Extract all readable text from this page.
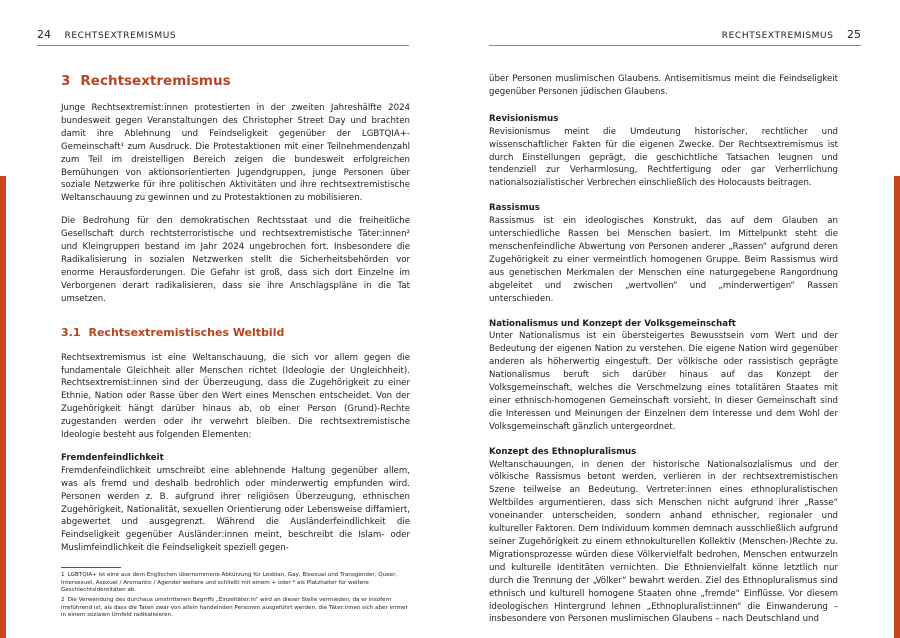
24 RECHTSEXTREMISMUS	RECHTSEXTREMISMUS 25
3 Rechtsextremismus

Junge Rechtsextremist:innen protestierten in der zweiten Jahreshälfte 2024 bundesweit gegen Veranstaltungen des Christopher Street Day und brachten damit ihre Ablehnung und Feindseligkeit gegenüber der LGBTQIA+-Gemeinschaft¹ zum Ausdruck. Die Protestaktionen mit einer Teilnehmendenzahl zum Teil im dreistelligen Bereich zeigen die bundesweit erfolgreichen Bemühungen von aktionsorientierten Jugendgruppen, junge Personen über soziale Netzwerke für ihre politischen Aktivitäten und ihre rechtsextremistische Weltanschauung zu gewinnen und zu Protestaktionen zu mobilisieren.

Die Bedrohung für den demokratischen Rechtsstaat und die freiheitliche Gesellschaft durch rechtsterroristische und rechtsextremistische Täter:innen² und Kleingruppen bestand im Jahr 2024 ungebrochen fort. Insbesondere die Radikalisierung in sozialen Netzwerken stellt die Sicherheitsbehörden vor enorme Herausforderungen. Die Gefahr ist groß, dass sich dort Einzelne im Verborgenen derart radikalisieren, dass sie ihre Anschlagspläne in die Tat umsetzen.

3.1 Rechtsextremistisches Weltbild

Rechtsextremismus ist eine Weltanschauung, die sich vor allem gegen die fundamentale Gleichheit aller Menschen richtet (Ideologie der Ungleichheit). Rechtsextremist:innen sind der Überzeugung, dass die Zugehörigkeit zu einer Ethnie, Nation oder Rasse über den Wert eines Menschen entscheidet. Von der Zugehörigkeit hängt darüber hinaus ab, ob einer Person (Grund)-Rechte zugestanden werden oder ihr verwehrt bleiben. Die rechtsextremistische Ideologie besteht aus folgenden Elementen:

Fremdenfeindlichkeit
Fremdenfeindlichkeit umschreibt eine ablehnende Haltung gegenüber allem, was als fremd und deshalb bedrohlich oder minderwertig empfunden wird. Personen werden z. B. aufgrund ihrer religiösen Überzeugung, ethnischen Zugehörigkeit, Nationalität, sexuellen Orientierung oder Lebensweise diffamiert, abgewertet und ausgegrenzt. Während die Ausländerfeindlichkeit die Feindseligkeit gegenüber Ausländer:innen meint, beschreibt die Islam- oder Muslimfeindlichkeit die Feindseligkeit speziell gegen-
1 LGBTQIA+ ist eine aus dem Englischen übernommene Abkürzung für Lesbian, Gay, Bisexual und Transgender, Queer, Intersexuel, Asexuel / Aromantic / Agender weitere und schließt mit einem + oder * als Platzhalter für weitere Geschlechtsidentitäten ab.
2 Die Verwendung des durchaus umstrittenen Begriffs „Einzeltäter:in“ wird an dieser Stelle vermieden, da er insofern irreführend ist, als dass die Taten zwar von allein handelnden Personen ausgeführt werden, die Täter:innen sich aber immer in einem sozialen Umfeld radikalisieren.

über Personen muslimischen Glaubens. Antisemitismus meint die Feindseligkeit gegenüber Personen jüdischen Glaubens.

Revisionismus
Revisionismus meint die Umdeutung historischer, rechtlicher und wissenschaftlicher Fakten für die eigenen Zwecke. Der Rechtsextremismus ist durch Einstellungen geprägt, die geschichtliche Tatsachen leugnen und tendenziell zur Verharmlosung, Rechtfertigung oder gar Verherrlichung nationalsozialistischer Verbrechen einschließlich des Holocausts beitragen.
Rassismus
Rassismus ist ein ideologisches Konstrukt, das auf dem Glauben an unterschiedliche Rassen bei Menschen basiert. Im Mittelpunkt steht die menschenfeindliche Abwertung von Personen anderer „Rassen“ aufgrund deren Zugehörigkeit zu einer vermeintlich homogenen Gruppe. Beim Rassismus wird aus genetischen Merkmalen der Menschen eine naturgegebene Rangordnung abgeleitet und zwischen „wertvollen“ und „minderwertigen“ Rassen unterschieden.
Nationalismus und Konzept der Volksgemeinschaft
Unter Nationalismus ist ein übersteigertes Bewusstsein vom Wert und der Bedeutung der eigenen Nation zu verstehen. Die eigene Nation wird gegenüber anderen als höherwertig eingestuft. Der völkische oder rassistisch geprägte Nationalismus beruft sich darüber hinaus auf das Konzept der Volksgemeinschaft, welches die Verschmelzung eines totalitären Staates mit einer ethnisch-homogenen Gemeinschaft vorsieht. In dieser Gemeinschaft sind die Interessen und Meinungen der Einzelnen dem Interesse und dem Wohl der Volksgemeinschaft gänzlich untergeordnet.
Konzept des Ethnopluralismus
Weltanschauungen, in denen der historische Nationalsozialismus und der völkische Rassismus betont werden, verlieren in der rechtsextremistischen Szene teilweise an Bedeutung. Vertreter:innen eines ethnopluralistischen Weltbildes argumentieren, dass sich Menschen nicht aufgrund ihrer „Rasse“ voneinander unterscheiden, sondern anhand ethnischer, regionaler und kultureller Faktoren. Dem Individuum kommen demnach ausschließlich aufgrund seiner Zugehörigkeit zu einem ethnokulturellen Kollektiv (Menschen-)Rechte zu. Migrationsprozesse würden diese Völkervielfalt bedrohen, Menschen entwurzeln und kulturelle Identitäten vernichten. Die Ethnienvielfalt könne letztlich nur durch die Trennung der „Völker“ bewahrt werden. Ziel des Ethnopluralismus sind ethnisch und kulturell homogene Staaten ohne „fremde“ Einflüsse. Vor diesem ideologischen Hintergrund lehnen „Ethnopluralist:innen“ die Einwanderung – insbesondere von Personen muslimischen Glaubens – nach Deutschland und
